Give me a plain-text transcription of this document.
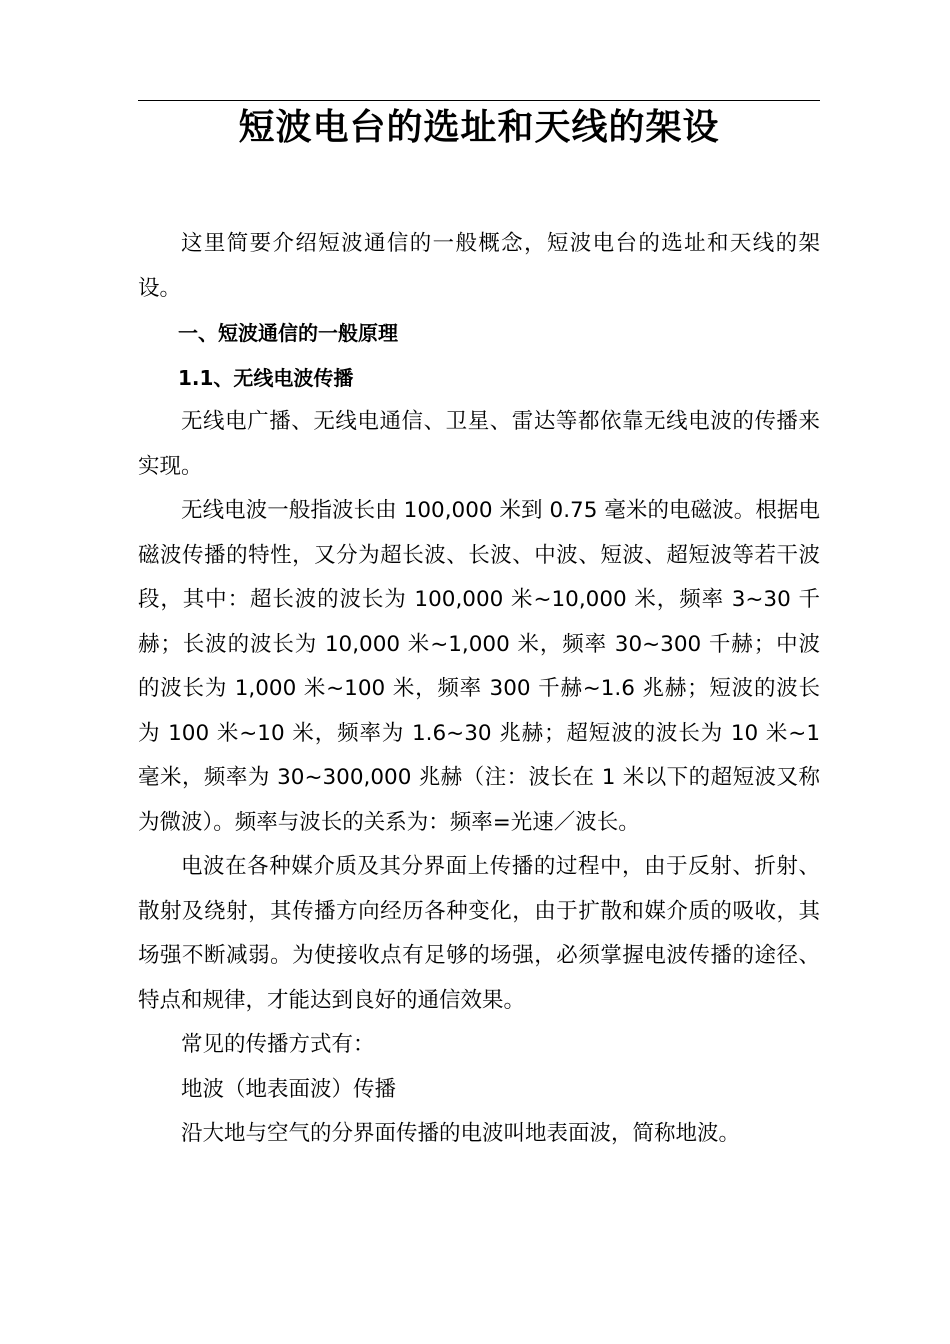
短波电台的选址和天线的架设

这里简要介绍短波通信的一般概念，短波电台的选址和天线的架设。

一、短波通信的一般原理

1.1、无线电波传播

无线电广播、无线电通信、卫星、雷达等都依靠无线电波的传播来实现。

无线电波一般指波长由 100,000 米到 0.75 毫米的电磁波。根据电磁波传播的特性，又分为超长波、长波、中波、短波、超短波等若干波段，其中：超长波的波长为 100,000 米~10,000 米，频率 3~30 千赫；长波的波长为 10,000 米~1,000 米，频率 30~300 千赫；中波的波长为 1,000 米~100 米，频率 300 千赫~1.6 兆赫；短波的波长为 100 米~10 米，频率为 1.6~30 兆赫；超短波的波长为 10 米~1 毫米，频率为 30~300,000 兆赫（注：波长在 1 米以下的超短波又称为微波）。频率与波长的关系为：频率=光速／波长。

电波在各种媒介质及其分界面上传播的过程中，由于反射、折射、散射及绕射，其传播方向经历各种变化，由于扩散和媒介质的吸收，其场强不断减弱。为使接收点有足够的场强，必须掌握电波传播的途径、特点和规律，才能达到良好的通信效果。

常见的传播方式有：

地波（地表面波）传播

沿大地与空气的分界面传播的电波叫地表面波，简称地波。
